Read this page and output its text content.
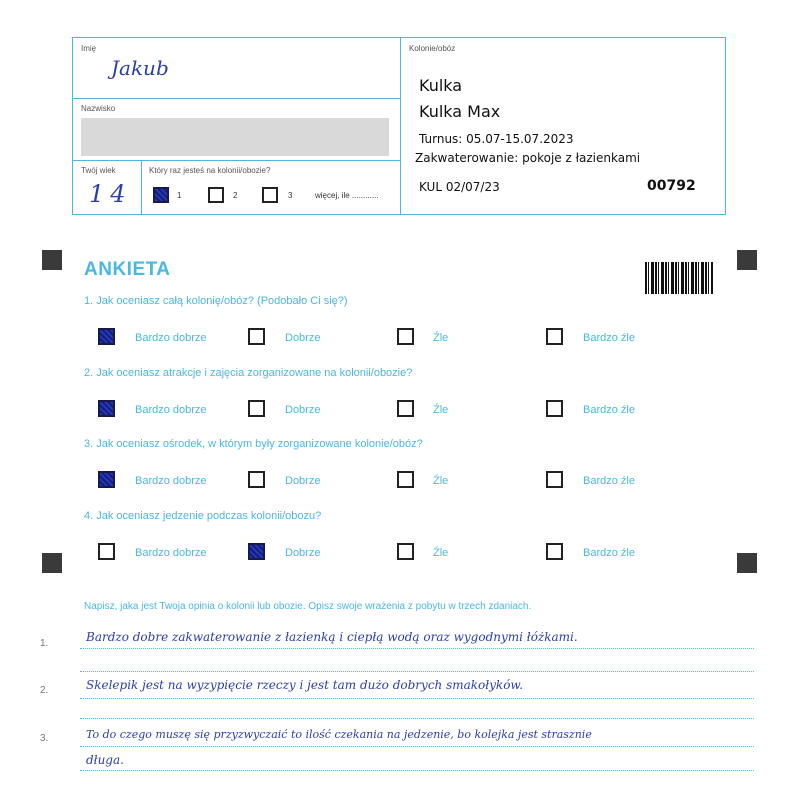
Imię
Jakub
Nazwisko
Twój wiek
14
Który raz jesteś na kolonii/obozie?
1	2	3	więcej, ile ............
Kolonie/obóz
Kulka
Kulka Max
Turnus: 05.07-15.07.2023
Zakwaterowanie: pokoje z łazienkami
KUL 02/07/23	00792
ANKIETA
1. Jak oceniasz całą kolonię/obóz? (Podobało Ci się?)
2. Jak oceniasz atrakcje i zajęcia zorganizowane na kolonii/obozie?
3. Jak oceniasz ośrodek, w którym były zorganizowane kolonie/obóz?
4. Jak oceniasz jedzenie podczas kolonii/obozu?
Bardzo dobrze	Dobrze	Źle	Bardzo źle
Bardzo dobrze	Dobrze	Źle	Bardzo źle
Bardzo dobrze	Dobrze	Źle	Bardzo źle
Bardzo dobrze	Dobrze	Źle	Bardzo źle
Napisz, jaka jest Twoja opinia o kolonii lub obozie. Opisz swoje wrażenia z pobytu w trzech zdaniach.
1.	Bardzo dobre zakwaterowanie z łazienką i ciepłą wodą oraz wygodnymi łóżkami.
2.	Skelepik jest na wyzypięcie rzeczy i jest tam dużo dobrych smakołyków.
3.	To do czego muszę się przyzwyczaić to ilość czekania na jedzenie, bo kolejka jest strasznie
długa.
